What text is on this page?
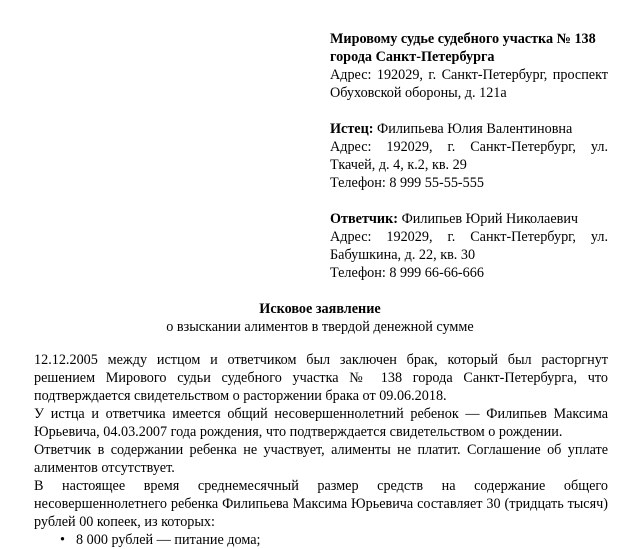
Мировому судье судебного участка № 138 города Санкт-Петербурга

Адрес: 192029, г. Санкт-Петербург, проспект Обуховской обороны, д. 121а

Истец: Филипьева Юлия Валентиновна

Адрес: 192029, г. Санкт-Петербург, ул. Ткачей, д. 4, к.2, кв. 29

Телефон: 8 999 55-55-555

Ответчик: Филипьев Юрий Николаевич

Адрес: 192029, г. Санкт-Петербург, ул. Бабушкина, д. 22, кв. 30

Телефон: 8 999 66-66-666

Исковое заявление

о взыскании алиментов в твердой денежной сумме

12.12.2005 между истцом и ответчиком был заключен брак, который был расторгнут решением Мирового судьи судебного участка № 138 города Санкт-Петербурга, что подтверждается свидетельством о расторжении брака от 09.06.2018.

У истца и ответчика имеется общий несовершеннолетний ребенок — Филипьев Максима Юрьевича, 04.03.2007 года рождения, что подтверждается свидетельством о рождении.

Ответчик в содержании ребенка не участвует, алименты не платит. Соглашение об уплате алиментов отсутствует.

В настоящее время среднемесячный размер средств на содержание общего несовершеннолетнего ребенка Филипьева Максима Юрьевича составляет 30 (тридцать тысяч) рублей 00 копеек, из которых:

• 8 000 рублей — питание дома;
